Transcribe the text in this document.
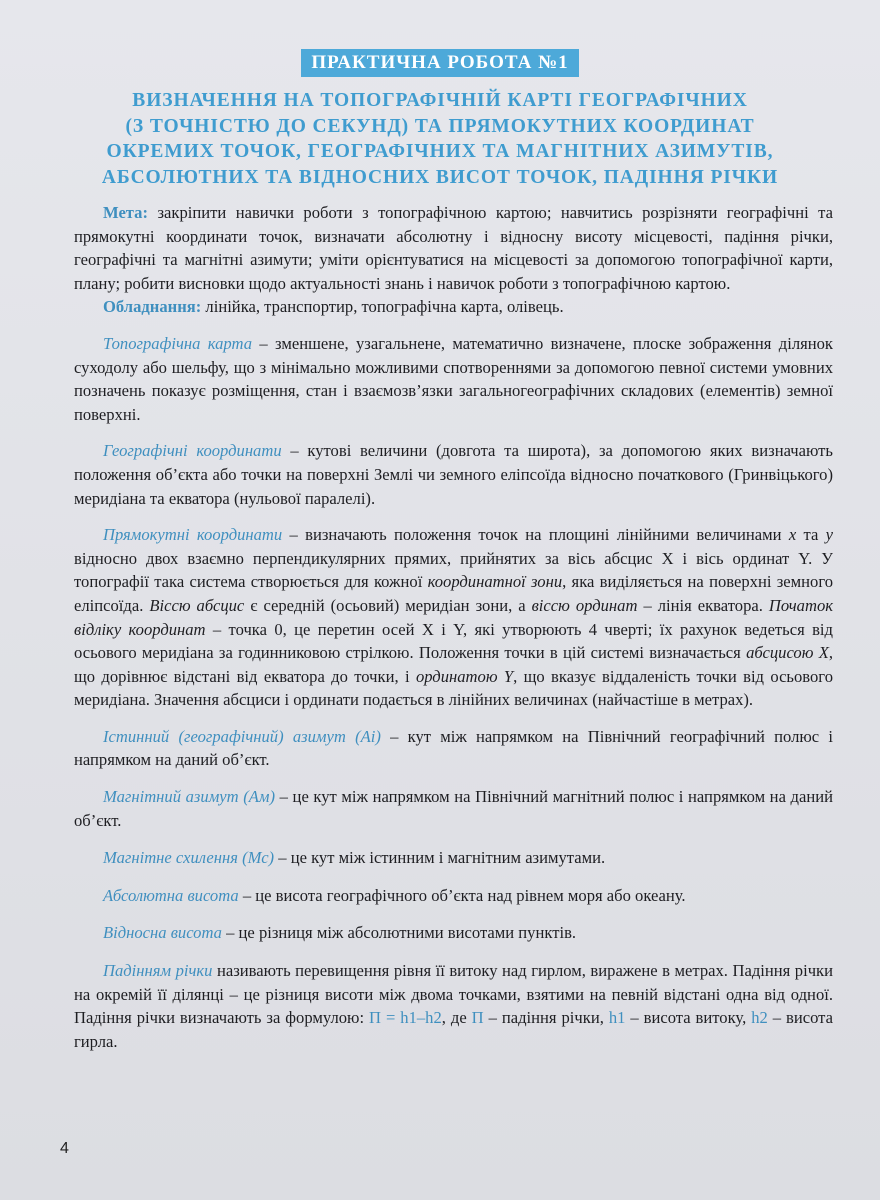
ПРАКТИЧНА РОБОТА №1
ВИЗНАЧЕННЯ НА ТОПОГРАФІЧНІЙ КАРТІ ГЕОГРАФІЧНИХ
(З ТОЧНІСТЮ ДО СЕКУНД) ТА ПРЯМОКУТНИХ КООРДИНАТ
ОКРЕМИХ ТОЧОК, ГЕОГРАФІЧНИХ ТА МАГНІТНИХ АЗИМУТІВ,
АБСОЛЮТНИХ ТА ВІДНОСНИХ ВИСОТ ТОЧОК, ПАДІННЯ РІЧКИ

Мета: закріпити навички роботи з топографічною картою; навчитись розрізняти географічні та прямокутні координати точок, визначати абсолютну і відносну висоту місцевості, падіння річки, географічні та магнітні азимути; уміти орієнтуватися на місцевості за допомогою топографічної карти, плану; робити висновки щодо актуальності знань і навичок роботи з топографічною картою.

Обладнання: лінійка, транспортир, топографічна карта, олівець.

Топографічна карта – зменшене, узагальнене, математично визначене, плоске зображення ділянок суходолу або шельфу, що з мінімально можливими спотвореннями за допомогою певної системи умовних позначень показує розміщення, стан і взаємозв’язки загальногеографічних складових (елементів) земної поверхні.

Географічні координати – кутові величини (довгота та широта), за допомогою яких визначають положення об’єкта або точки на поверхні Землі чи земного еліпсоїда відносно початкового (Гринвіцького) меридіана та екватора (нульової паралелі).

Прямокутні координати – визначають положення точок на площині лінійними величинами x та y відносно двох взаємно перпендикулярних прямих, прийнятих за вісь абсцис X і вісь ординат Y. У топографії така система створюється для кожної координатної зони, яка виділяється на поверхні земного еліпсоїда. Віссю абсцис є середній (осьовий) меридіан зони, а віссю ординат – лінія екватора. Початок відліку координат – точка 0, це перетин осей X і Y, які утворюють 4 чверті; їх рахунок ведеться від осьового меридіана за годинниковою стрілкою. Положення точки в цій системі визначається абсцисою X, що дорівнює відстані від екватора до точки, і ординатою Y, що вказує віддаленість точки від осьового меридіана. Значення абсциси і ординати подається в лінійних величинах (найчастіше в метрах).

Істинний (географічний) азимут (Аі) – кут між напрямком на Північний географічний полюс і напрямком на даний об’єкт.

Магнітний азимут (Ам) – це кут між напрямком на Північний магнітний полюс і напрямком на даний об’єкт.

Магнітне схилення (Мс) – це кут між істинним і магнітним азимутами.

Абсолютна висота – це висота географічного об’єкта над рівнем моря або океану.

Відносна висота – це різниця між абсолютними висотами пунктів.

Падінням річки називають перевищення рівня її витоку над гирлом, виражене в метрах. Падіння річки на окремій її ділянці – це різниця висоти між двома точками, взятими на певній відстані одна від одної. Падіння річки визначають за формулою: П = h1–h2, де П – падіння річки, h1 – висота витоку, h2 – висота гирла.

4
